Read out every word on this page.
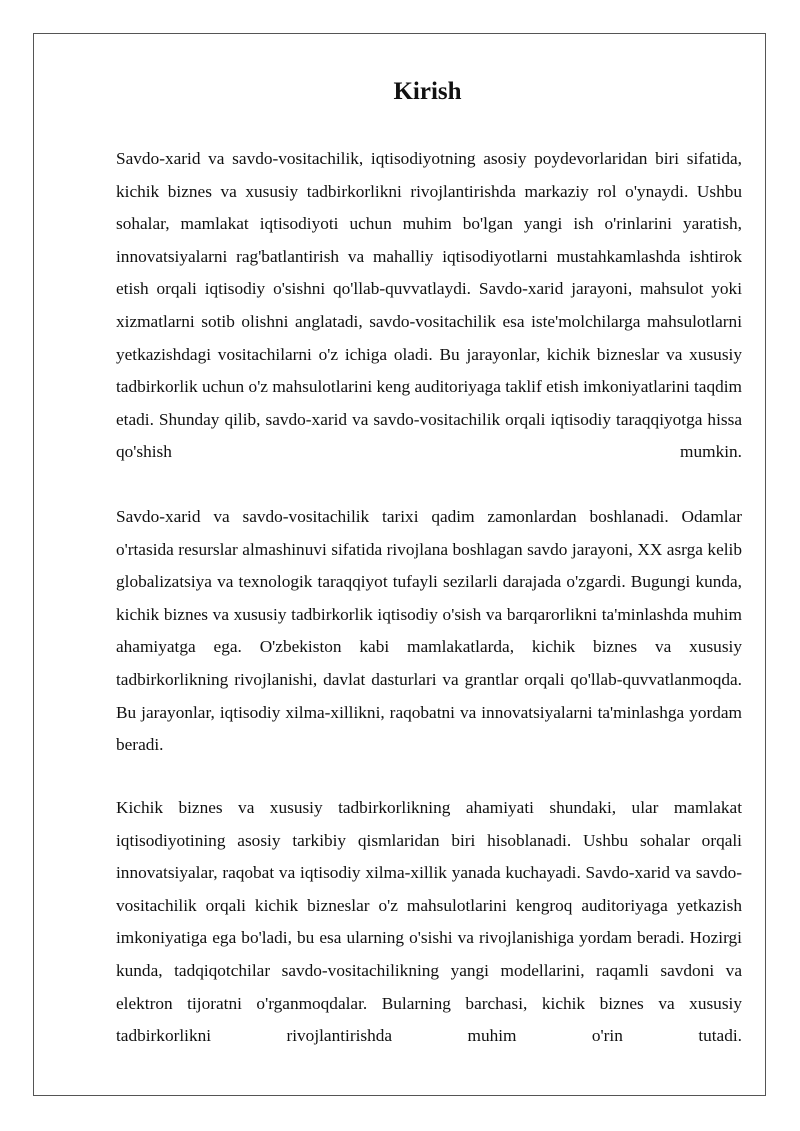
Kirish

Savdo-xarid va savdo-vositachilik, iqtisodiyotning asosiy poydevorlaridan biri sifatida, kichik biznes va xususiy tadbirkorlikni rivojlantirishda markaziy rol o'ynaydi. Ushbu sohalar, mamlakat iqtisodiyoti uchun muhim bo'lgan yangi ish o'rinlarini yaratish, innovatsiyalarni rag'batlantirish va mahalliy iqtisodiyotlarni mustahkamlashda ishtirok etish orqali iqtisodiy o'sishni qo'llab-quvvatlaydi. Savdo-xarid jarayoni, mahsulot yoki xizmatlarni sotib olishni anglatadi, savdo-vositachilik esa iste'molchilarga mahsulotlarni yetkazishdagi vositachilarni o'z ichiga oladi. Bu jarayonlar, kichik bizneslar va xususiy tadbirkorlik uchun o'z mahsulotlarini keng auditoriyaga taklif etish imkoniyatlarini taqdim etadi. Shunday qilib, savdo-xarid va savdo-vositachilik orqali iqtisodiy taraqqiyotga hissa qo'shish mumkin.

Savdo-xarid va savdo-vositachilik tarixi qadim zamonlardan boshlanadi. Odamlar o'rtasida resurslar almashinuvi sifatida rivojlana boshlagan savdo jarayoni, XX asrga kelib globalizatsiya va texnologik taraqqiyot tufayli sezilarli darajada o'zgardi. Bugungi kunda, kichik biznes va xususiy tadbirkorlik iqtisodiy o'sish va barqarorlikni ta'minlashda muhim ahamiyatga ega. O'zbekiston kabi mamlakatlarda, kichik biznes va xususiy tadbirkorlikning rivojlanishi, davlat dasturlari va grantlar orqali qo'llab-quvvatlanmoqda. Bu jarayonlar, iqtisodiy xilma-xillikni, raqobatni va innovatsiyalarni ta'minlashga yordam beradi.

Kichik biznes va xususiy tadbirkorlikning ahamiyati shundaki, ular mamlakat iqtisodiyotining asosiy tarkibiy qismlaridan biri hisoblanadi. Ushbu sohalar orqali innovatsiyalar, raqobat va iqtisodiy xilma-xillik yanada kuchayadi. Savdo-xarid va savdo-vositachilik orqali kichik bizneslar o'z mahsulotlarini kengroq auditoriyaga yetkazish imkoniyatiga ega bo'ladi, bu esa ularning o'sishi va rivojlanishiga yordam beradi. Hozirgi kunda, tadqiqotchilar savdo-vositachilikning yangi modellarini, raqamli savdoni va elektron tijoratni o'rganmoqdalar. Bularning barchasi, kichik biznes va xususiy tadbirkorlikni rivojlantirishda muhim o'rin tutadi.
